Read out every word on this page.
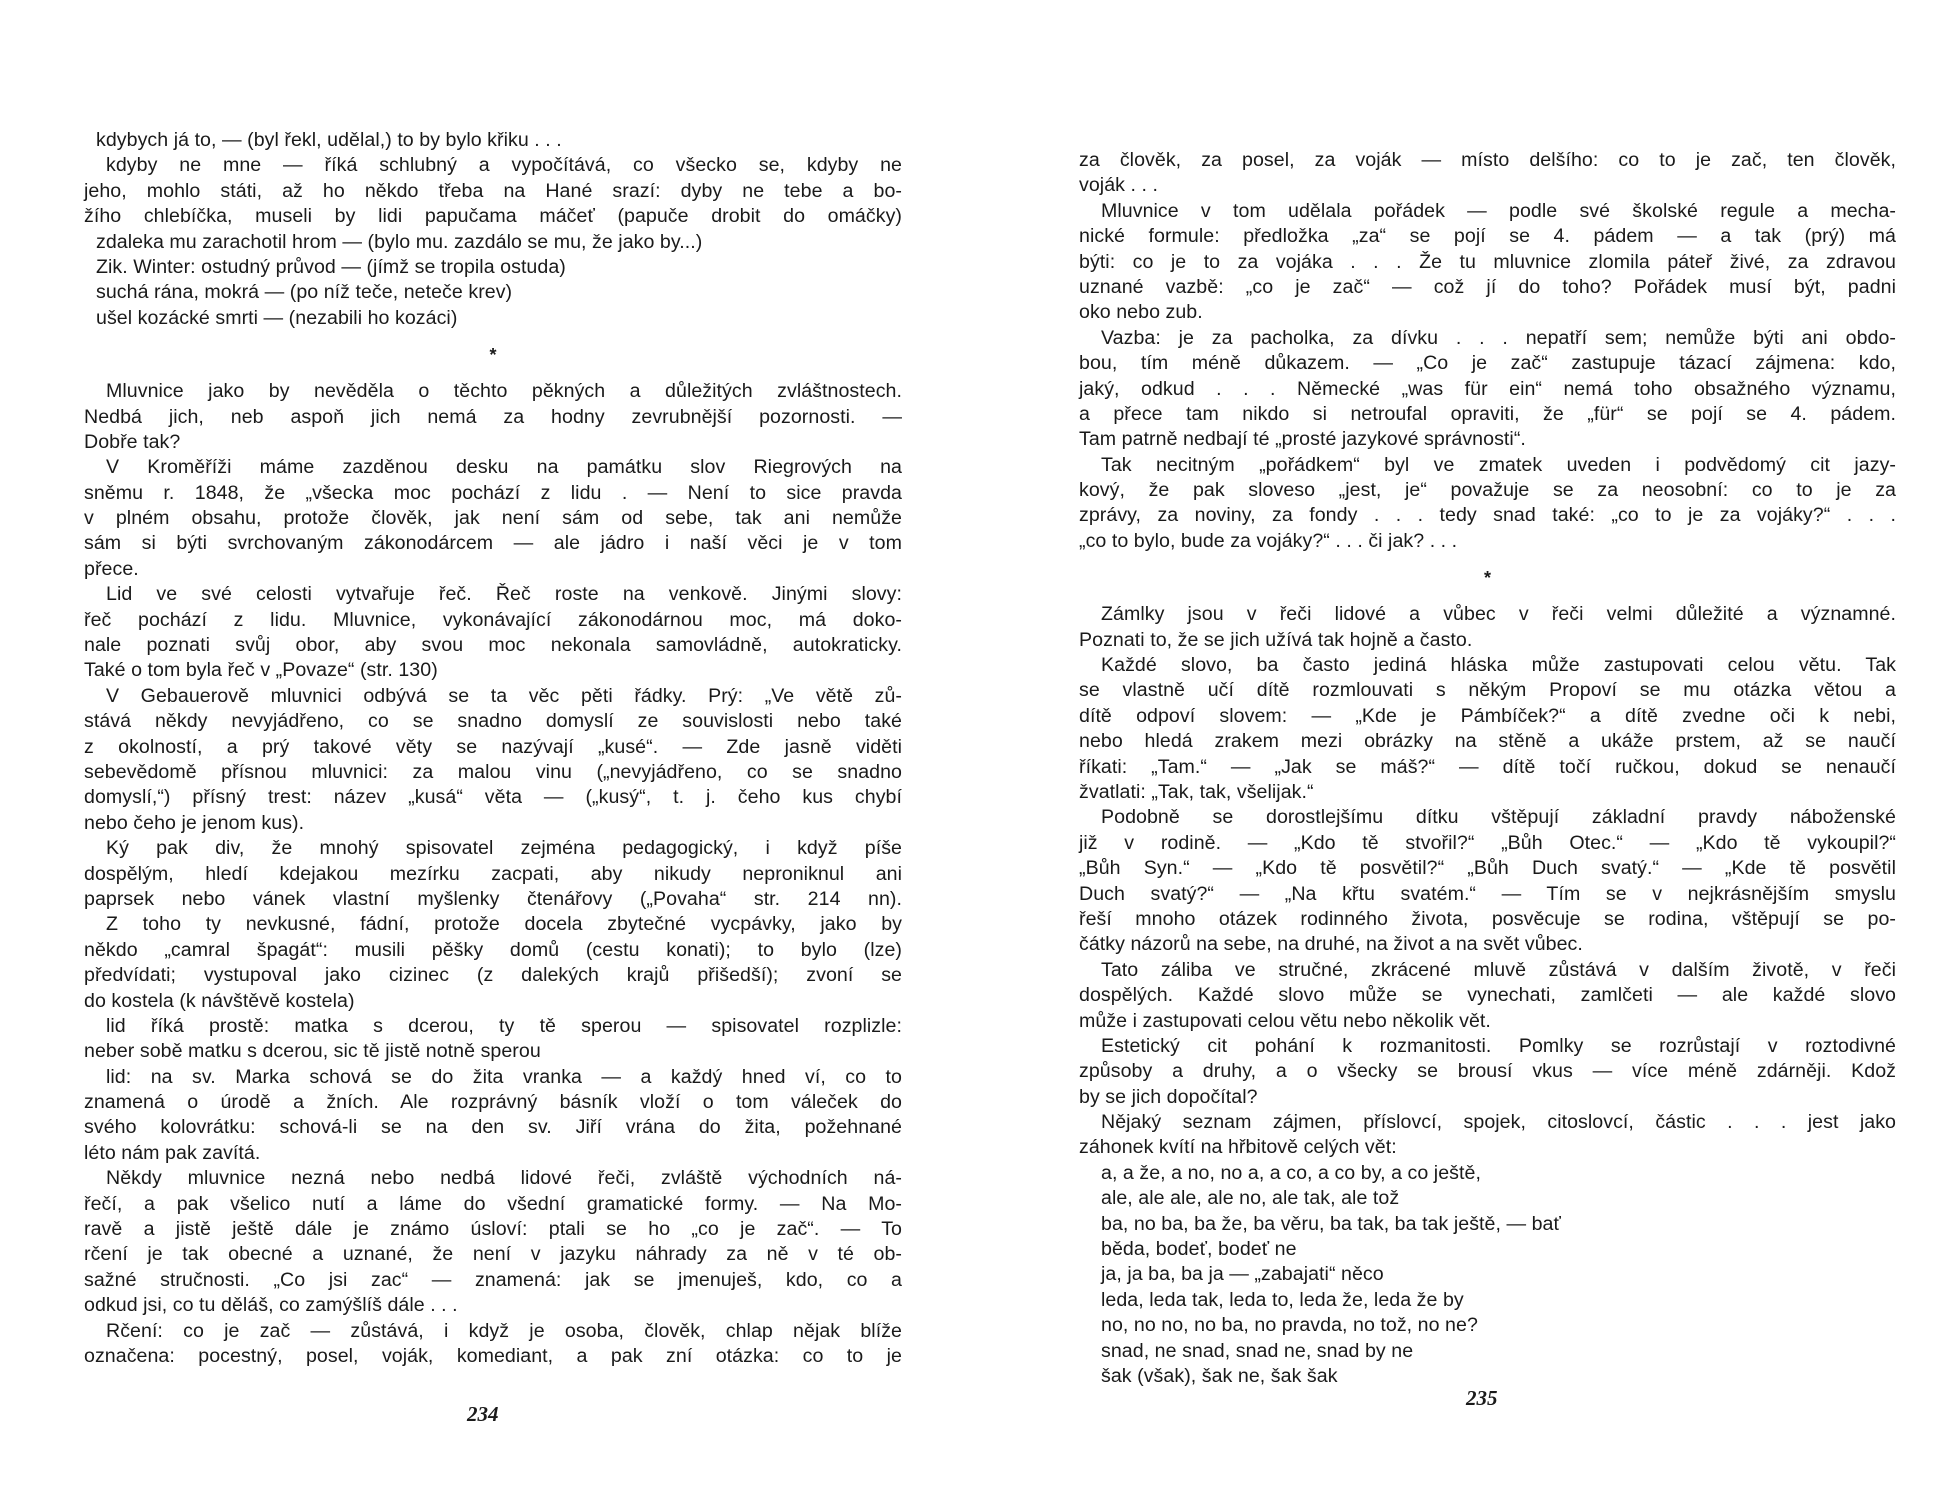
kdybych já to, — (byl řekl, udělal,) to by bylo křiku . . .
kdyby ne mne — říká schlubný a vypočítává, co všecko se, kdyby ne
jeho, mohlo státi, až ho někdo třeba na Hané srazí: dyby ne tebe a bo-
žího chlebíčka, museli by lidi papučama máčeť (papuče drobit do omáčky)
zdaleka mu zarachotil hrom — (bylo mu. zazdálo se mu, že jako by...)
Zik. Winter: ostudný průvod — (jímž se tropila ostuda)
suchá rána, mokrá — (po níž teče, neteče krev)
ušel kozácké smrti — (nezabili ho kozáci)
*
Mluvnice jako by nevěděla o těchto pěkných a důležitých zvláštnostech.
Nedbá jich, neb aspoň jich nemá za hodny zevrubnější pozornosti. —
Dobře tak?
V Kroměříži máme zazděnou desku na památku slov Riegrových na
sněmu r. 1848, že „všecka moc pochází z lidu . — Není to sice pravda
v plném obsahu, protože člověk, jak není sám od sebe, tak ani nemůže
sám si býti svrchovaným zákonodárcem — ale jádro i naší věci je v tom
přece.
Lid ve své celosti vytvařuje řeč. Řeč roste na venkově. Jinými slovy:
řeč pochází z lidu. Mluvnice, vykonávající zákonodárnou moc, má doko-
nale poznati svůj obor, aby svou moc nekonala samovládně, autokraticky.
Také o tom byla řeč v „Povaze“ (str. 130)
V Gebauerově mluvnici odbývá se ta věc pěti řádky. Prý: „Ve větě zů-
stává někdy nevyjádřeno, co se snadno domyslí ze souvislosti nebo také
z okolností, a prý takové věty se nazývají „kusé“. — Zde jasně viděti
sebevědomě přísnou mluvnici: za malou vinu („nevyjádřeno, co se snadno
domyslí,“) přísný trest: název „kusá“ věta — („kusý“, t. j. čeho kus chybí
nebo čeho je jenom kus).
Ký pak div, že mnohý spisovatel zejména pedagogický, i když píše
dospělým, hledí kdejakou mezírku zacpati, aby nikudy neproniknul ani
paprsek nebo vánek vlastní myšlenky čtenářovy („Povaha“ str. 214 nn).
Z toho ty nevkusné, fádní, protože docela zbytečné vycpávky, jako by
někdo „camral špagát“: musili pěšky domů (cestu konati); to bylo (lze)
předvídati; vystupoval jako cizinec (z dalekých krajů přišedší); zvoní se
do kostela (k návštěvě kostela)
lid říká prostě: matka s dcerou, ty tě sperou — spisovatel rozplizle:
neber sobě matku s dcerou, sic tě jistě notně sperou
lid: na sv. Marka schová se do žita vranka — a každý hned ví, co to
znamená o úrodě a žních. Ale rozprávný básník vloží o tom váleček do
svého kolovrátku: schová-li se na den sv. Jiří vrána do žita, požehnané
léto nám pak zavítá.
Někdy mluvnice nezná nebo nedbá lidové řeči, zvláště východních ná-
řečí, a pak všelico nutí a láme do všední gramatické formy. — Na Mo-
ravě a jistě ještě dále je známo úsloví: ptali se ho „co je zač“. — To
rčení je tak obecné a uznané, že není v jazyku náhrady za ně v té ob-
sažné stručnosti. „Co jsi zac“ — znamená: jak se jmenuješ, kdo, co a
odkud jsi, co tu děláš, co zamýšlíš dále . . .
Rčení: co je zač — zůstává, i když je osoba, člověk, chlap nějak blíže
označena: pocestný, posel, voják, komediant, a pak zní otázka: co to je
234
za člověk, za posel, za voják — místo delšího: co to je zač, ten člověk,
voják . . .
Mluvnice v tom udělala pořádek — podle své školské regule a mecha-
nické formule: předložka „za“ se pojí se 4. pádem — a tak (prý) má
býti: co je to za vojáka . . . Že tu mluvnice zlomila páteř živé, za zdravou
uznané vazbě: „co je zač“ — což jí do toho? Pořádek musí být, padni
oko nebo zub.
Vazba: je za pacholka, za dívku . . . nepatří sem; nemůže býti ani obdo-
bou, tím méně důkazem. — „Co je zač“ zastupuje tázací zájmena: kdo,
jaký, odkud . . . Německé „was für ein“ nemá toho obsažného významu,
a přece tam nikdo si netroufal opraviti, že „für“ se pojí se 4. pádem.
Tam patrně nedbají té „prosté jazykové správnosti“.
Tak necitným „pořádkem“ byl ve zmatek uveden i podvědomý cit jazy-
kový, že pak sloveso „jest, je“ považuje se za neosobní: co to je za
zprávy, za noviny, za fondy . . . tedy snad také: „co to je za vojáky?“ . . .
„co to bylo, bude za vojáky?“ . . . či jak? . . .
*
Zámlky jsou v řeči lidové a vůbec v řeči velmi důležité a významné.
Poznati to, že se jich užívá tak hojně a často.
Každé slovo, ba často jediná hláska může zastupovati celou větu. Tak
se vlastně učí dítě rozmlouvati s někým Propoví se mu otázka větou a
dítě odpoví slovem: — „Kde je Pámbíček?“ a dítě zvedne oči k nebi,
nebo hledá zrakem mezi obrázky na stěně a ukáže prstem, až se naučí
říkati: „Tam.“ — „Jak se máš?“ — dítě točí ručkou, dokud se nenaučí
žvatlati: „Tak, tak, všelijak.“
Podobně se dorostlejšímu dítku vštěpují základní pravdy náboženské
již v rodině. — „Kdo tě stvořil?“ „Bůh Otec.“ — „Kdo tě vykoupil?“
„Bůh Syn.“ — „Kdo tě posvětil?“ „Bůh Duch svatý.“ — „Kde tě posvětil
Duch svatý?“ — „Na křtu svatém.“ — Tím se v nejkrásnějším smyslu
řeší mnoho otázek rodinného života, posvěcuje se rodina, vštěpují se po-
čátky názorů na sebe, na druhé, na život a na svět vůbec.
Tato záliba ve stručné, zkrácené mluvě zůstává v dalším životě, v řeči
dospělých. Každé slovo může se vynechati, zamlčeti — ale každé slovo
může i zastupovati celou větu nebo několik vět.
Estetický cit pohání k rozmanitosti. Pomlky se rozrůstají v roztodivné
způsoby a druhy, a o všecky se brousí vkus — více méně zdárněji. Kdož
by se jich dopočítal?
Nějaký seznam zájmen, příslovcí, spojek, citoslovcí, částic . . . jest jako
záhonek kvítí na hřbitově celých vět:
a, a že, a no, no a, a co, a co by, a co ještě,
ale, ale ale, ale no, ale tak, ale tož
ba, no ba, ba že, ba věru, ba tak, ba tak ještě, — bať
běda, bodeť, bodeť ne
ja, ja ba, ba ja — „zabajati“ něco
leda, leda tak, leda to, leda že, leda že by
no, no no, no ba, no pravda, no tož, no ne?
snad, ne snad, snad ne, snad by ne
šak (však), šak ne, šak šak
235
